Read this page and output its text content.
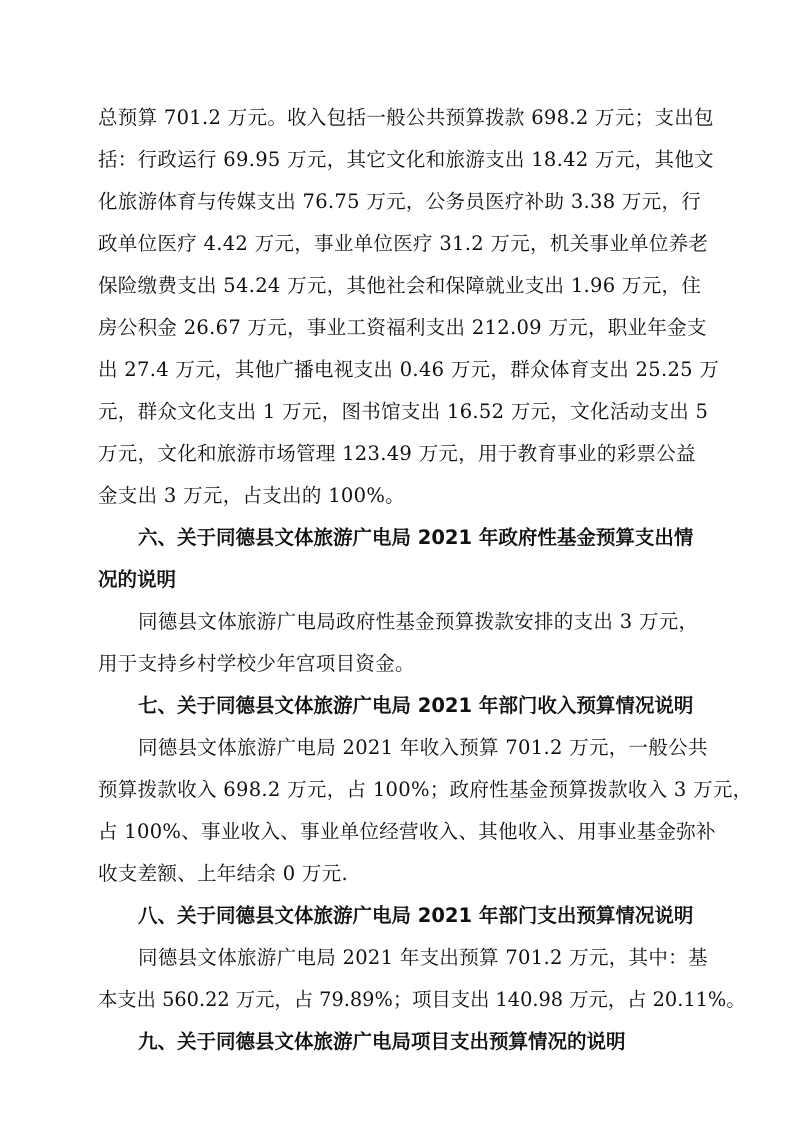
总预算 701.2 万元。收入包括一般公共预算拨款 698.2 万元；支出包
括：行政运行 69.95 万元，其它文化和旅游支出 18.42 万元，其他文
化旅游体育与传媒支出 76.75 万元，公务员医疗补助 3.38 万元，行
政单位医疗 4.42 万元，事业单位医疗 31.2 万元，机关事业单位养老
保险缴费支出 54.24 万元，其他社会和保障就业支出 1.96 万元，住
房公积金 26.67 万元，事业工资福利支出 212.09 万元，职业年金支
出 27.4 万元，其他广播电视支出 0.46 万元，群众体育支出 25.25 万
元，群众文化支出 1 万元，图书馆支出 16.52 万元，文化活动支出 5
万元，文化和旅游市场管理 123.49 万元，用于教育事业的彩票公益
金支出 3 万元，占支出的 100%。
六、关于同德县文体旅游广电局 2021 年政府性基金预算支出情
况的说明
同德县文体旅游广电局政府性基金预算拨款安排的支出 3 万元，
用于支持乡村学校少年宫项目资金。
七、关于同德县文体旅游广电局 2021 年部门收入预算情况说明
同德县文体旅游广电局 2021 年收入预算 701.2 万元，一般公共
预算拨款收入 698.2 万元，占 100%；政府性基金预算拨款收入 3 万元，
占 100%、事业收入、事业单位经营收入、其他收入、用事业基金弥补
收支差额、上年结余 0 万元.
八、关于同德县文体旅游广电局 2021 年部门支出预算情况说明
同德县文体旅游广电局 2021 年支出预算 701.2 万元，其中：基
本支出 560.22 万元，占 79.89%；项目支出 140.98 万元，占 20.11%。
九、关于同德县文体旅游广电局项目支出预算情况的说明
